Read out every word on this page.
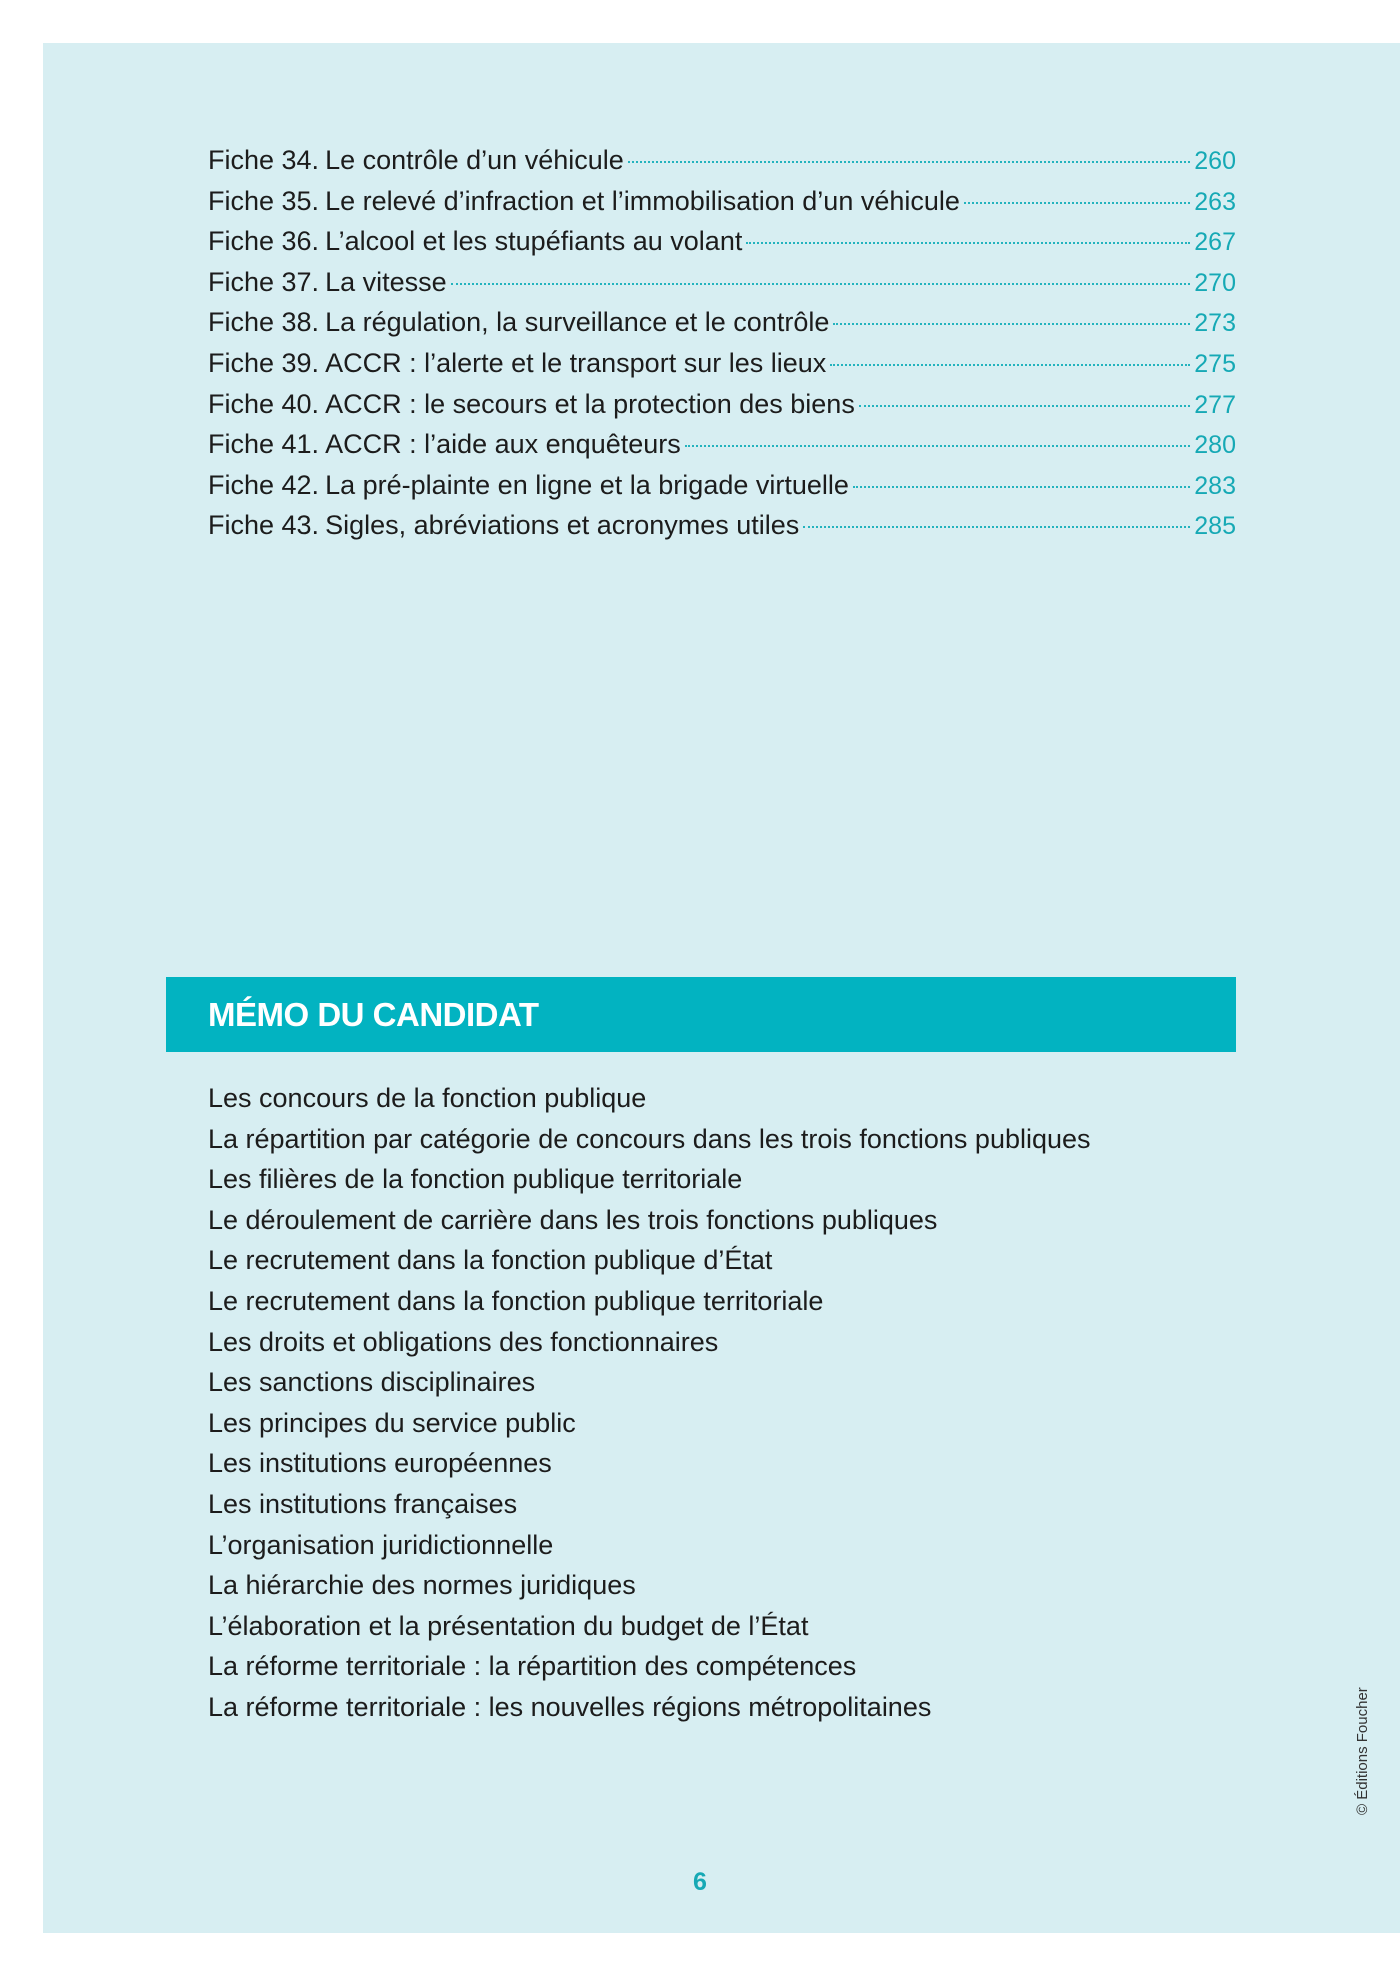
Fiche 34. Le contrôle d’un véhicule	260
Fiche 35. Le relevé d’infraction et l’immobilisation d’un véhicule	263
Fiche 36. L’alcool et les stupéfiants au volant	267
Fiche 37. La vitesse	270
Fiche 38. La régulation, la surveillance et le contrôle	273
Fiche 39. ACCR : l’alerte et le transport sur les lieux	275
Fiche 40. ACCR : le secours et la protection des biens	277
Fiche 41. ACCR : l’aide aux enquêteurs	280
Fiche 42. La pré-plainte en ligne et la brigade virtuelle	283
Fiche 43. Sigles, abréviations et acronymes utiles	285
MÉMO DU CANDIDAT
Les concours de la fonction publique
La répartition par catégorie de concours dans les trois fonctions publiques
Les filières de la fonction publique territoriale
Le déroulement de carrière dans les trois fonctions publiques
Le recrutement dans la fonction publique d’État
Le recrutement dans la fonction publique territoriale
Les droits et obligations des fonctionnaires
Les sanctions disciplinaires
Les principes du service public
Les institutions européennes
Les institutions françaises
L’organisation juridictionnelle
La hiérarchie des normes juridiques
L’élaboration et la présentation du budget de l’État
La réforme territoriale : la répartition des compétences
La réforme territoriale : les nouvelles régions métropolitaines	© Éditions Foucher
6
